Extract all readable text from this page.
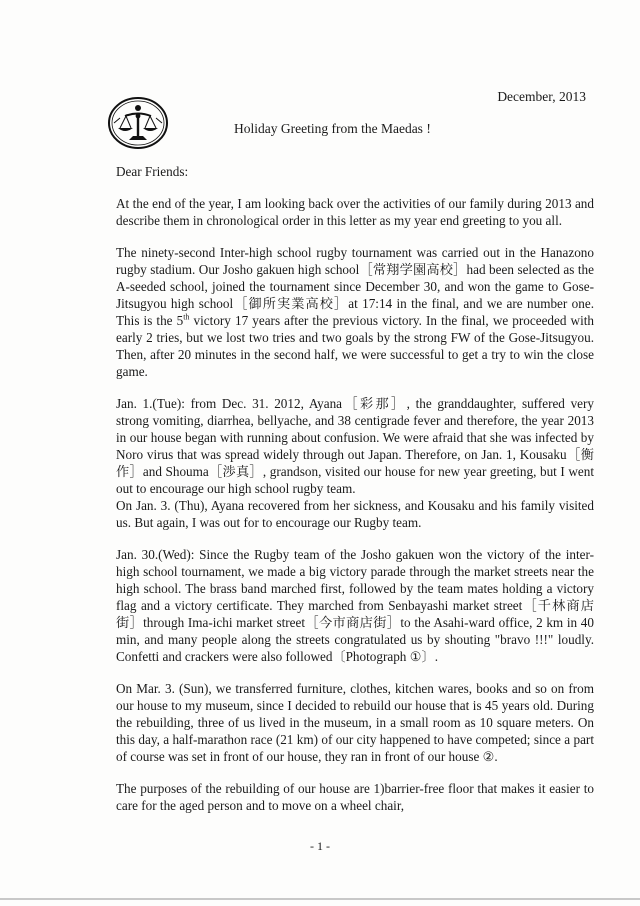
December, 2013
Holiday Greeting from the Maedas !
Dear Friends:

At the end of the year, I am looking back over the activities of our family during 2013 and describe them in chronological order in this letter as my year end greeting to you all.

The ninety-second Inter-high school rugby tournament was carried out in the Hanazono rugby stadium. Our Josho gakuen high school［常翔学園高校］had been selected as the A-seeded school, joined the tournament since December 30, and won the game to Gose-Jitsugyou high school［御所実業高校］at 17:14 in the final, and we are number one. This is the 5th victory 17 years after the previous victory. In the final, we proceeded with early 2 tries, but we lost two tries and two goals by the strong FW of the Gose-Jitsugyou. Then, after 20 minutes in the second half, we were successful to get a try to win the close game.

Jan. 1.(Tue): from Dec. 31. 2012, Ayana［彩那］, the granddaughter, suffered very strong vomiting, diarrhea, bellyache, and 38 centigrade fever and therefore, the year 2013 in our house began with running about confusion. We were afraid that she was infected by Noro virus that was spread widely through out Japan. Therefore, on Jan. 1, Kousaku［衡作］and Shouma［渉真］, grandson, visited our house for new year greeting, but I went out to encourage our high school rugby team.

On Jan. 3. (Thu), Ayana recovered from her sickness, and Kousaku and his family visited us. But again, I was out for to encourage our Rugby team.

Jan. 30.(Wed): Since the Rugby team of the Josho gakuen won the victory of the inter-high school tournament, we made a big victory parade through the market streets near the high school. The brass band marched first, followed by the team mates holding a victory flag and a victory certificate. They marched from Senbayashi market street［千林商店街］through Ima-ichi market street［今市商店街］to the Asahi-ward office, 2 km in 40 min, and many people along the streets congratulated us by shouting "bravo !!!" loudly. Confetti and crackers were also followed〔Photograph ①〕.

On Mar. 3. (Sun), we transferred furniture, clothes, kitchen wares, books and so on from our house to my museum, since I decided to rebuild our house that is 45 years old. During the rebuilding, three of us lived in the museum, in a small room as 10 square meters. On this day, a half-marathon race (21 km) of our city happened to have competed; since a part of course was set in front of our house, they ran in front of our house ②.

The purposes of the rebuilding of our house are 1)barrier-free floor that makes it easier to care for the aged person and to move on a wheel chair,

- 1 -
